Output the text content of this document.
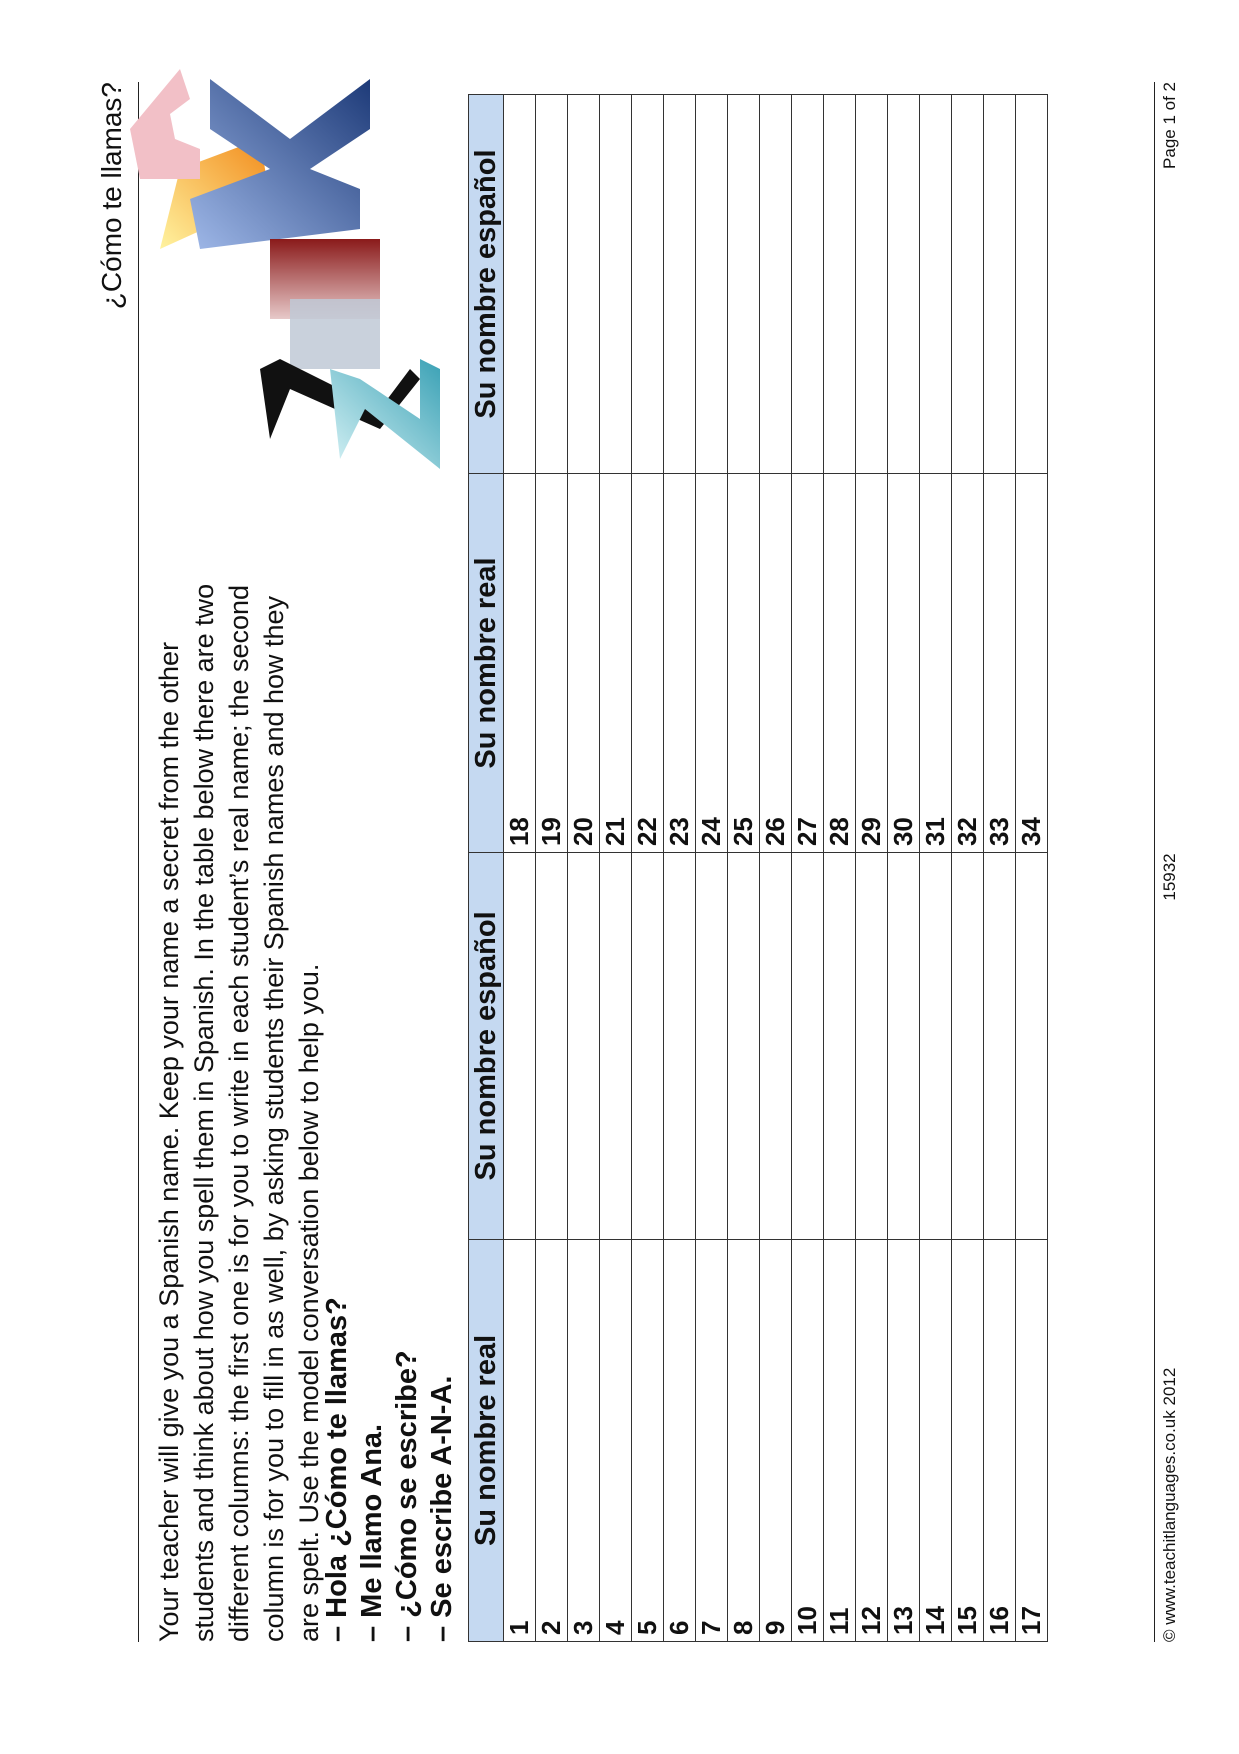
¿Cómo te llamas?

Your teacher will give you a Spanish name. Keep your name a secret from the other students and think about how you spell them in Spanish. In the table below there are two different columns: the first one is for you to write in each student’s real name; the second column is for you to fill in as well, by asking students their Spanish names and how they are spelt. Use the model conversation below to help you.

– Hola ¿Cómo te llamas? – Me llamo Ana. – ¿Cómo se escribe? – Se escribe A-N-A. Su nombre real	Su nombre español	Su nombre real	Su nombre español
1		18	
2		19	
3		20	
4		21	
5		22	
6		23	
7		24	
8		25	
9		26	
10		27	
11		28	
12		29	
13		30	
14		31	
15		32	
16		33	
17		34	
© www.teachitlanguages.co.uk 2012
15932
Page 1 of 2
